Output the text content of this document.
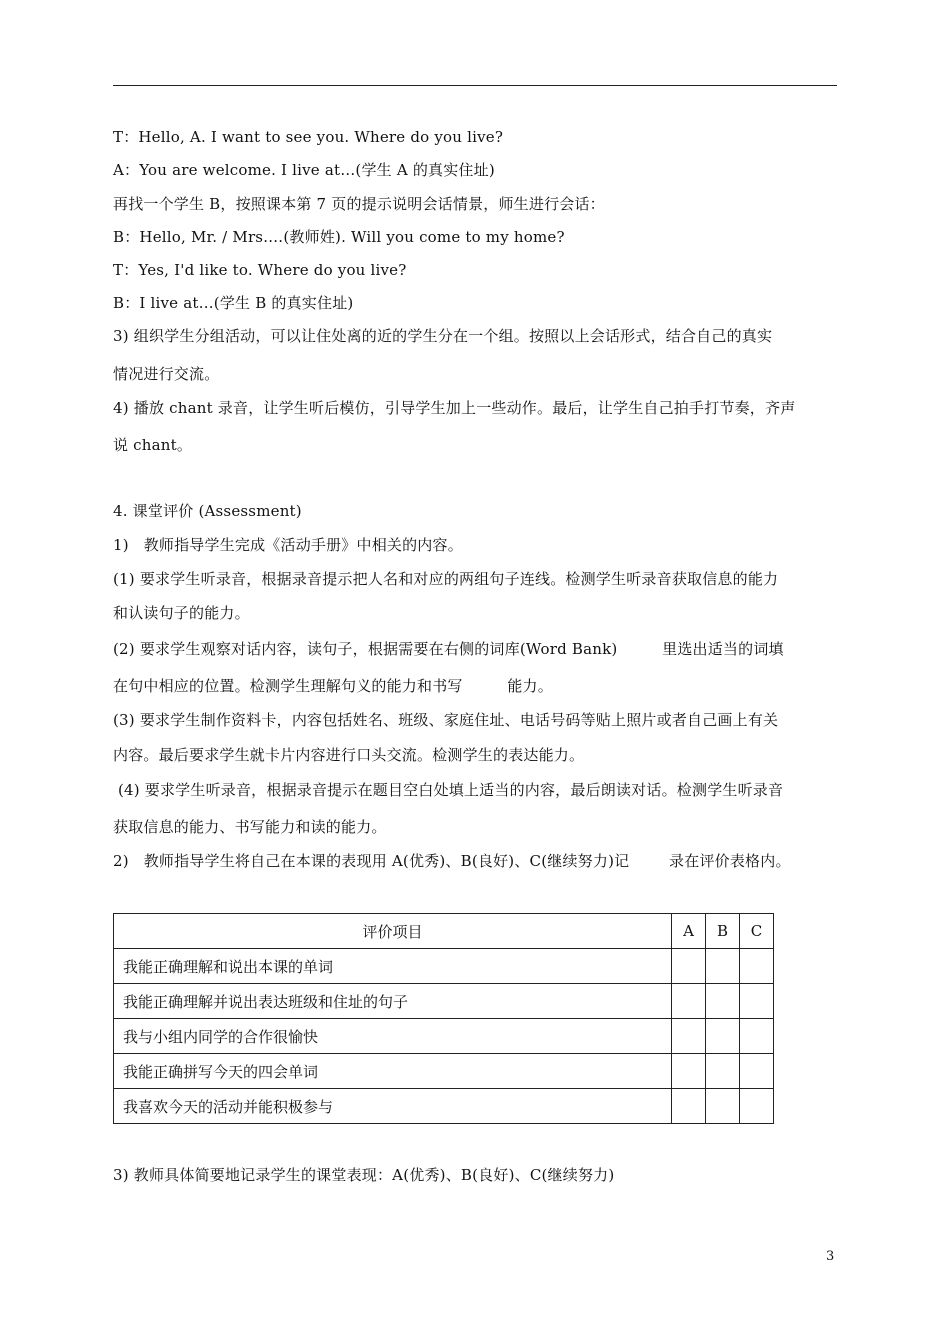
T：Hello, A. I want to see you. Where do you live?
A：You are welcome. I live at…(学生 A 的真实住址)
再找一个学生 B，按照课本第 7 页的提示说明会话情景，师生进行会话：
B：Hello, Mr. / Mrs.…(教师姓). Will you come to my home?
T：Yes, I'd like to. Where do you live?
B：I live at…(学生 B 的真实住址)
3) 组织学生分组活动，可以让住处离的近的学生分在一个组。按照以上会话形式，结合自己的真实
情况进行交流。
4) 播放 chant 录音，让学生听后模仿，引导学生加上一些动作。最后，让学生自己拍手打节奏，齐声
说 chant。
4. 课堂评价 (Assessment)
1)   教师指导学生完成《活动手册》中相关的内容。
(1) 要求学生听录音，根据录音提示把人名和对应的两组句子连线。检测学生听录音获取信息的能力
和认读句子的能力。
(2) 要求学生观察对话内容，读句子，根据需要在右侧的词库(Word Bank)         里选出适当的词填
在句中相应的位置。检测学生理解句义的能力和书写         能力。
(3) 要求学生制作资料卡，内容包括姓名、班级、家庭住址、电话号码等贴上照片或者自己画上有关
内容。最后要求学生就卡片内容进行口头交流。检测学生的表达能力。
(4) 要求学生听录音，根据录音提示在题目空白处填上适当的内容，最后朗读对话。检测学生听录音
获取信息的能力、书写能力和读的能力。
2)   教师指导学生将自己在本课的表现用 A(优秀)、B(良好)、C(继续努力)记        录在评价表格内。
评价项目	A	B	C
我能正确理解和说出本课的单词			
我能正确理解并说出表达班级和住址的句子			
我与小组内同学的合作很愉快			
我能正确拼写今天的四会单词			
我喜欢今天的活动并能积极参与			
3) 教师具体简要地记录学生的课堂表现：A(优秀)、B(良好)、C(继续努力)
3
